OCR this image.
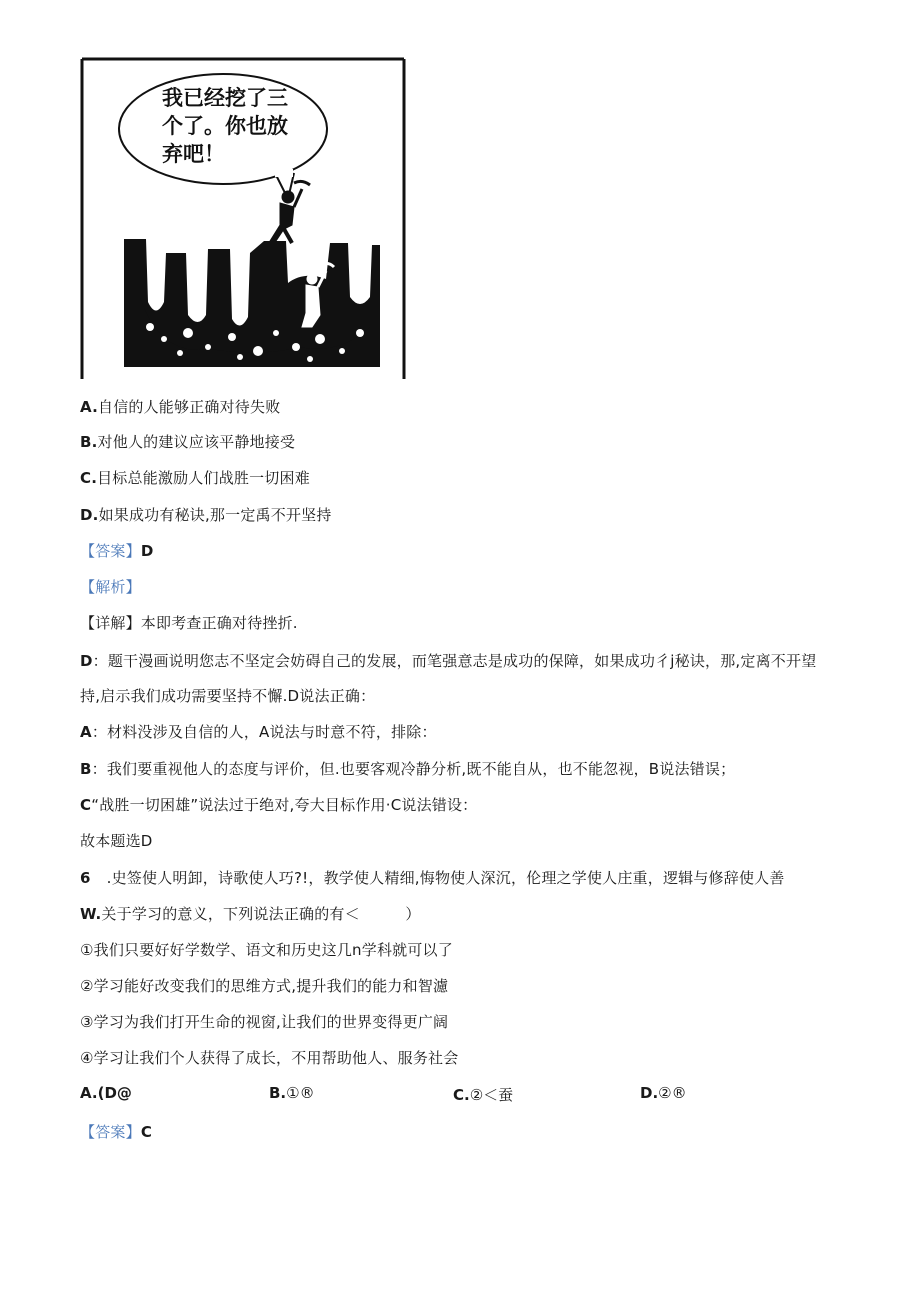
我已经挖了三
个了。你也放
弃吧！
A.自信的人能够正确对待失败
B.对他人的建议应该平静地接受
C.目标总能激励人们战胜一切困难
D.如果成功有秘诀,那一定禹不开坚持
【答案】D
【解析】
【详解】本即考查正确对待挫折.
D：题干漫画说明您志不坚定会妨碍自己的发展，而笔强意志是成功的保障，如果成功彳j秘诀，那,定离不开望
持,启示我们成功需要坚持不懈.D说法正确：
A：材料没涉及自信的人，A说法与时意不符，排除：
B：我们要重视他人的态度与评价，但.也要客观冷静分析,既不能自从，也不能忽视，B说法错误；
C“战胜一切困雄”说法过于绝对,夸大目标作用·C说法错设：
故本题选D
6 .史签使人明卸，诗歌使人巧?!，教学使人精细,悔物使人深沉，伦理之学使人庄重，逻辑与修辞使人善
W.关于学习的意义，下列说法正确的有＜　　　）
①我们只要好好学数学、语文和历史这几n学科就可以了
②学习能好改变我们的思维方式,提升我们的能力和智濾
③学习为我们打开生命的视窗,让我们的世界变得更广阔
④学习让我们个人获得了成长，不用帮助他人、服务社会
A.(D@	B.①®	C.②＜蚕	D.②®
【答案】C
